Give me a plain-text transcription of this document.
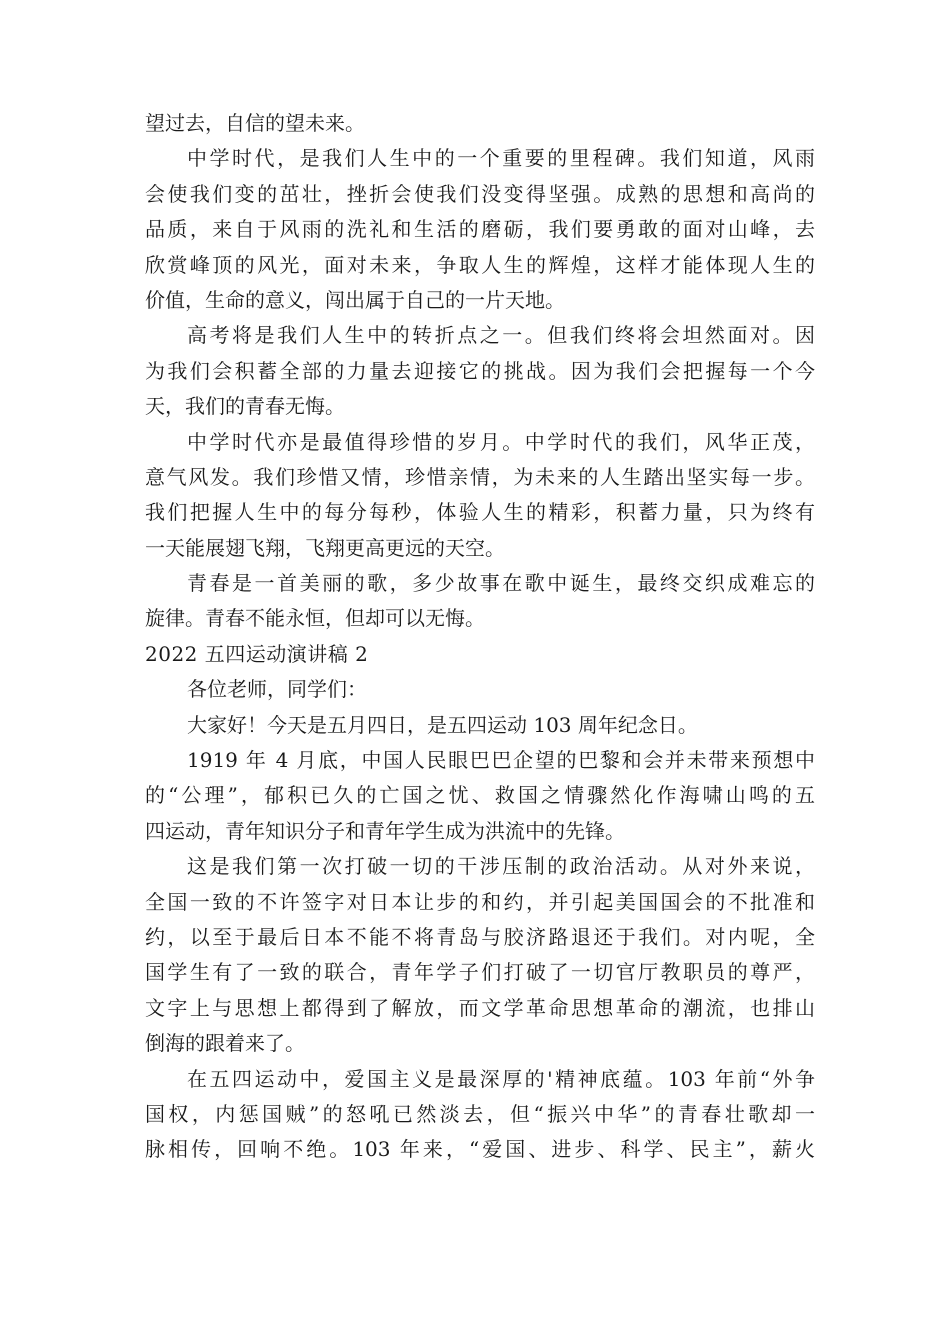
望过去，自信的望未来。
中学时代，是我们人生中的一个重要的里程碑。我们知道，风雨
会使我们变的茁壮，挫折会使我们没变得坚强。成熟的思想和高尚的
品质，来自于风雨的洗礼和生活的磨砺，我们要勇敢的面对山峰，去
欣赏峰顶的风光，面对未来，争取人生的辉煌，这样才能体现人生的
价值，生命的意义，闯出属于自己的一片天地。
高考将是我们人生中的转折点之一。但我们终将会坦然面对。因
为我们会积蓄全部的力量去迎接它的挑战。因为我们会把握每一个今
天，我们的青春无悔。
中学时代亦是最值得珍惜的岁月。中学时代的我们，风华正茂，
意气风发。我们珍惜又情，珍惜亲情，为未来的人生踏出坚实每一步。
我们把握人生中的每分每秒，体验人生的精彩，积蓄力量，只为终有
一天能展翅飞翔，飞翔更高更远的天空。
青春是一首美丽的歌，多少故事在歌中诞生，最终交织成难忘的
旋律。青春不能永恒，但却可以无悔。
2022 五四运动演讲稿 2
各位老师，同学们：
大家好！今天是五月四日，是五四运动 103 周年纪念日。
1919 年 4 月底，中国人民眼巴巴企望的巴黎和会并未带来预想中
的“公理”，郁积已久的亡国之忧、救国之情骤然化作海啸山鸣的五
四运动，青年知识分子和青年学生成为洪流中的先锋。
这是我们第一次打破一切的干涉压制的政治活动。从对外来说，
全国一致的不许签字对日本让步的和约，并引起美国国会的不批准和
约，以至于最后日本不能不将青岛与胶济路退还于我们。对内呢，全
国学生有了一致的联合，青年学子们打破了一切官厅教职员的尊严，
文字上与思想上都得到了解放，而文学革命思想革命的潮流，也排山
倒海的跟着来了。
在五四运动中，爱国主义是最深厚的'精神底蕴。103 年前“外争
国权，内惩国贼”的怒吼已然淡去，但“振兴中华”的青春壮歌却一
脉相传，回响不绝。103 年来，“爱国、进步、科学、民主”，薪火
